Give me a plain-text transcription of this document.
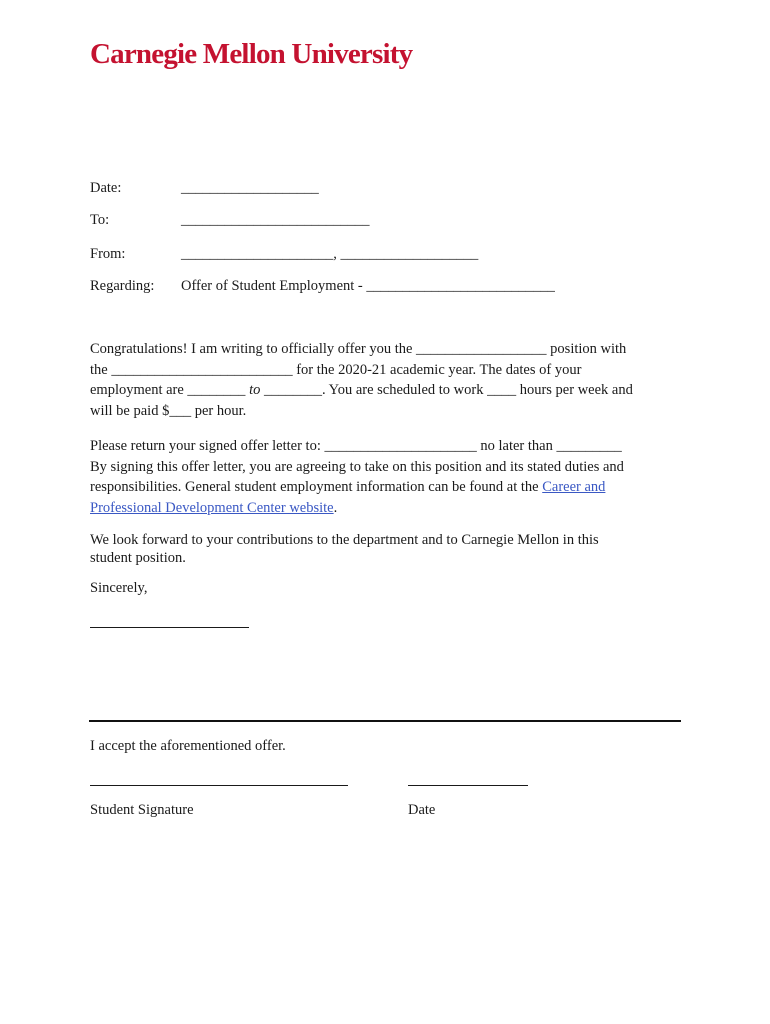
Carnegie Mellon University
Date:	___________________
To:	__________________________
From:	_____________________, ___________________
Regarding: Offer of Student Employment - __________________________

Congratulations! I am writing to officially offer you the __________________ position with

the _________________________ for the 2020-21 academic year. The dates of your

employment are ________ to ________. You are scheduled to work ____ hours per week and

will be paid $___ per hour.

Please return your signed offer letter to: _____________________ no later than _________

By signing this offer letter, you are agreeing to take on this position and its stated duties and

responsibilities. General student employment information can be found at the Career and

Professional Development Center website.

We look forward to your contributions to the department and to Carnegie Mellon in this

student position.

Sincerely,
I accept the aforementioned offer.
Student Signature	Date
